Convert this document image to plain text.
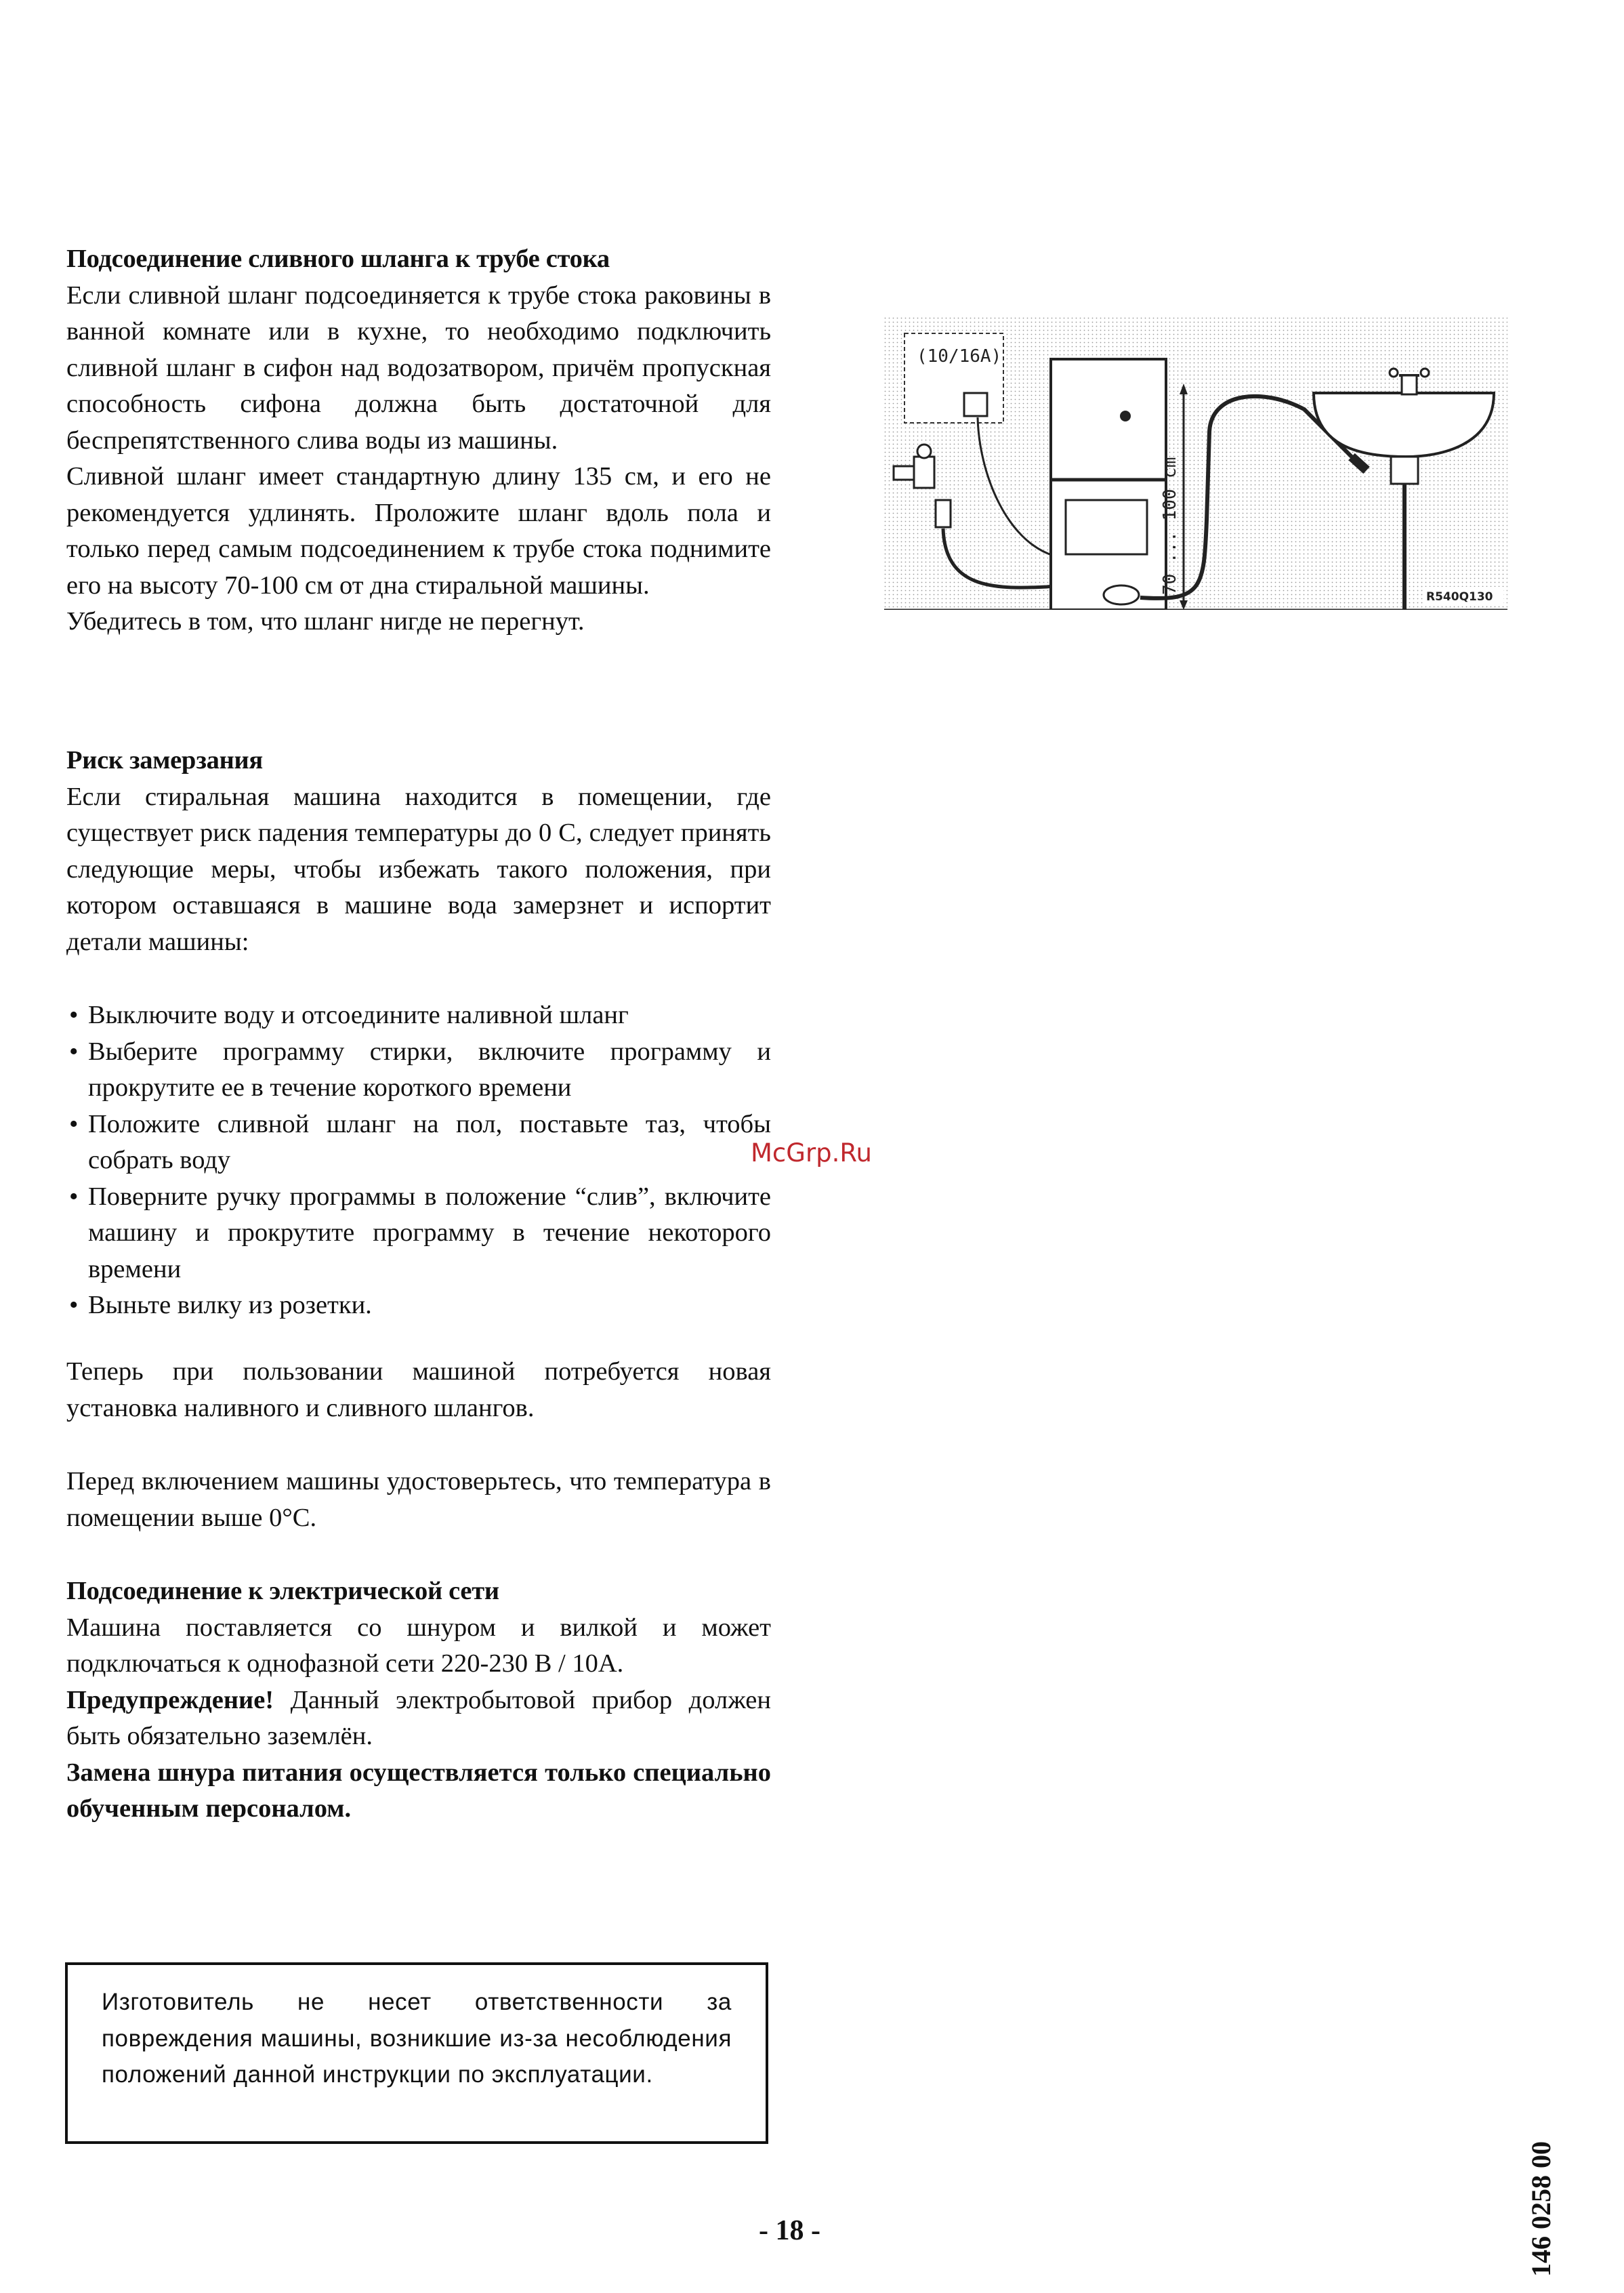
Подсоединение сливного шланга к трубе стока

Если сливной шланг подсоединяется к трубе стока раковины в ванной комнате или в кухне, то необходимо подключить сливной шланг в сифон над водозатвором, причём пропускная способность сифона должна быть достаточной для беспрепятственного слива воды из машины.

Сливной шланг имеет стандартную длину 135 см, и его не рекомендуется удлинять. Проложите шланг вдоль пола и только перед самым подсоединением к трубе стока поднимите его на высоту 70-100 см от дна стиральной машины.

Убедитесь в том, что шланг нигде не перегнут.

Риск замерзания

Если стиральная машина находится в помещении, где существует риск падения температуры до 0 С, следует принять следующие меры, чтобы избежать такого положения, при котором оставшаяся в машине вода замерзнет и испортит детали машины:

• Выключите воду и отсоедините наливной шланг
• Выберите программу стирки, включите программу и прокрутите ее в течение короткого времени
• Положите сливной шланг на пол, поставьте таз, чтобы собрать воду
• Поверните ручку программы в положение “слив”, включите машину и прокрутите программу в течение некоторого времени
• Выньте вилку из розетки.

Теперь при пользовании машиной потребуется новая установка наливного и сливного шлангов.

Перед включением машины удостоверьтесь, что температура в помещении выше 0°С.

Подсоединение к электрической сети

Машина поставляется со шнуром и вилкой и может подключаться к однофазной сети 220-230 В / 10А.

Предупреждение! Данный электробытовой прибор должен быть обязательно заземлён.

Замена шнура питания осуществляется только специально обученным персоналом.

(10/16A)
70 ... 100 cm
R540Q130
McGrp.Ru
Изготовитель не несет ответственности за повреждения машины, возникшие из-за несоблюдения положений данной инструкции по эксплуатации.
- 18 -	146 0258 00
